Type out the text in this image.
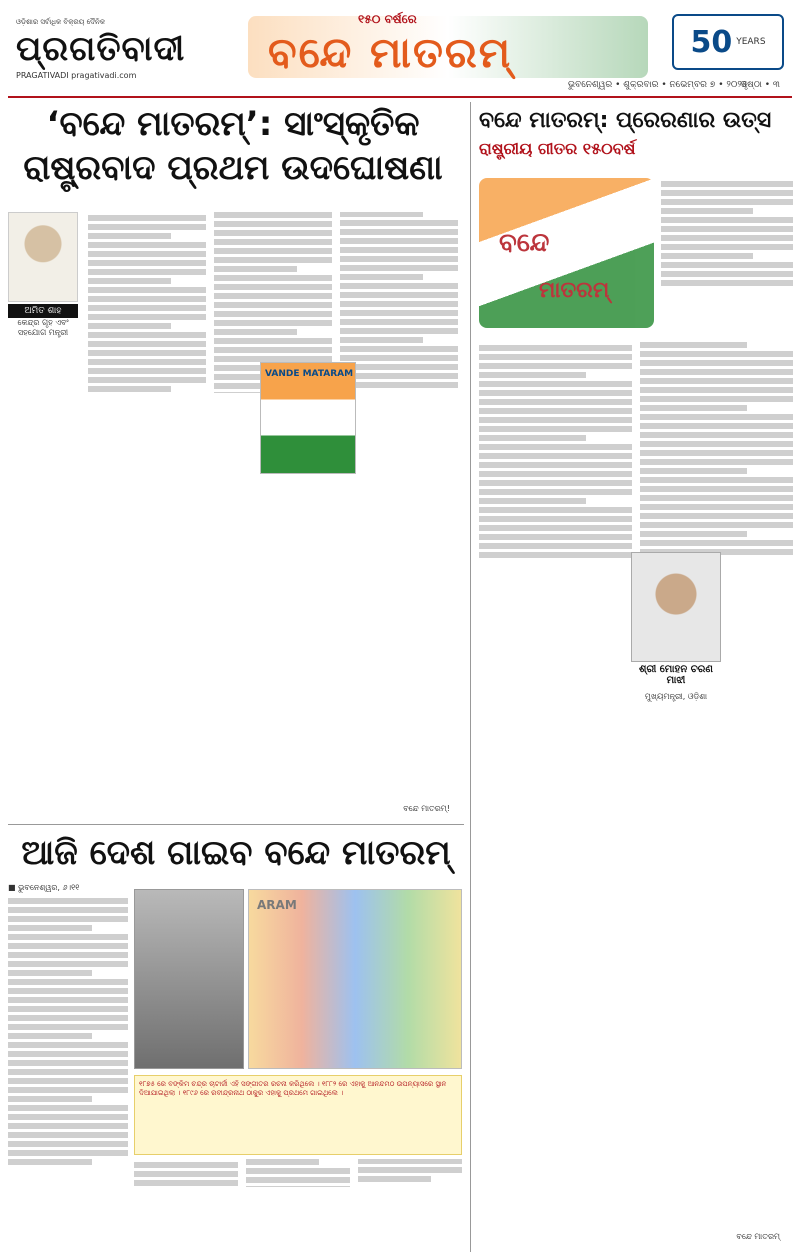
ଓଡ଼ିଶାର ସର୍ବାଧିକ ବିକ୍ରୟ ଦୈନିକ
ପ୍ରଗତିବାଦୀ
PRAGATIVADI pragativadi.com
୧୫୦ ବର୍ଷରେ
ବନ୍ଦେ ମାତରମ୍	50 YEARS
ଭୁବନେଶ୍ୱର • ଶୁକ୍ରବାର • ନଭେମ୍ବର ୭ • ୨୦୨୫
ପୃଷ୍ଠା • ୩
‘ବନ୍ଦେ ମାତରମ୍’: ସାଂସ୍କୃତିକ
ରାଷ୍ଟ୍ରବାଦ ପ୍ରଥମ ଉଦଘୋଷଣା
ଅମିତ ଶାହ
କେନ୍ଦ୍ର ଗୃହ ଏବଂ ସହଯୋଗ ମନ୍ତ୍ରୀ
VANDE MATARAM
ବନ୍ଦେ ମାତରମ୍!
ବନ୍ଦେ ମାତରମ୍: ପ୍ରେରଣାର ଉତ୍ସ
ରାଷ୍ଟ୍ରୀୟ ଗୀତର ୧୫୦ବର୍ଷ
ବନ୍ଦେ
ମାତରମ୍
ଶ୍ରୀ ମୋହନ ଚରଣ ମାଝୀ
ମୁଖ୍ୟମନ୍ତ୍ରୀ, ଓଡ଼ିଶା
ବନ୍ଦେ ମାତରମ୍
ଆଜି ଦେଶ ଗାଇବ ବନ୍ଦେ ମାତରମ୍
■ ଭୁବନେଶ୍ୱର, ୬।୧୧
ARAM
୧୮୭୫ ରେ ବଙ୍କିମ ଚନ୍ଦ୍ର ଚାଟାର୍ଜୀ ଏହି ସଙ୍ଗୀତର ରଚନା କରିଥିଲେ । ୧୮୮୨ ରେ ଏହାକୁ ଆନନ୍ଦମଠ ଉପନ୍ୟାସରେ ସ୍ଥାନ ଦିଆଯାଇଥିଲା । ୧୮୯୬ ରେ ରବୀନ୍ଦ୍ରନାଥ ଠାକୁର ଏହାକୁ ପ୍ରଥମେ ଗାଇଥିଲେ ।
